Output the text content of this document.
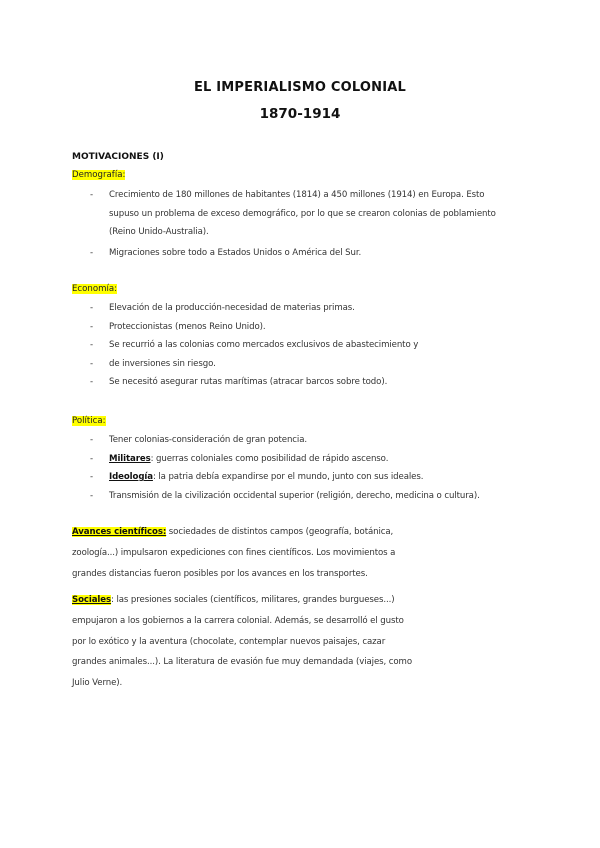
EL IMPERIALISMO COLONIAL
1870-1914
MOTIVACIONES (I)
Demografía:
- Crecimiento de 180 millones de habitantes (1814) a 450 millones (1914) en Europa. Esto supuso un problema de exceso demográfico, por lo que se crearon colonias de poblamiento (Reino Unido-Australia).
- Migraciones sobre todo a Estados Unidos o América del Sur.
Economía:
- Elevación de la producción-necesidad de materias primas.
- Proteccionistas (menos Reino Unido).
- Se recurrió a las colonias como mercados exclusivos de abastecimiento y
- de inversiones sin riesgo.
- Se necesitó asegurar rutas marítimas (atracar barcos sobre todo).
Política:
- Tener colonias-consideración de gran potencia.
- Militares: guerras coloniales como posibilidad de rápido ascenso.
- Ideología: la patria debía expandirse por el mundo, junto con sus ideales.
- Transmisión de la civilización occidental superior (religión, derecho, medicina o cultura).

Avances científicos: sociedades de distintos campos (geografía, botánica, zoología...) impulsaron expediciones con fines científicos. Los movimientos a grandes distancias fueron posibles por los avances en los transportes.

Sociales: las presiones sociales (científicos, militares, grandes burgueses...) empujaron a los gobiernos a la carrera colonial. Además, se desarrolló el gusto por lo exótico y la aventura (chocolate, contemplar nuevos paisajes, cazar grandes animales...). La literatura de evasión fue muy demandada (viajes, como Julio Verne).
